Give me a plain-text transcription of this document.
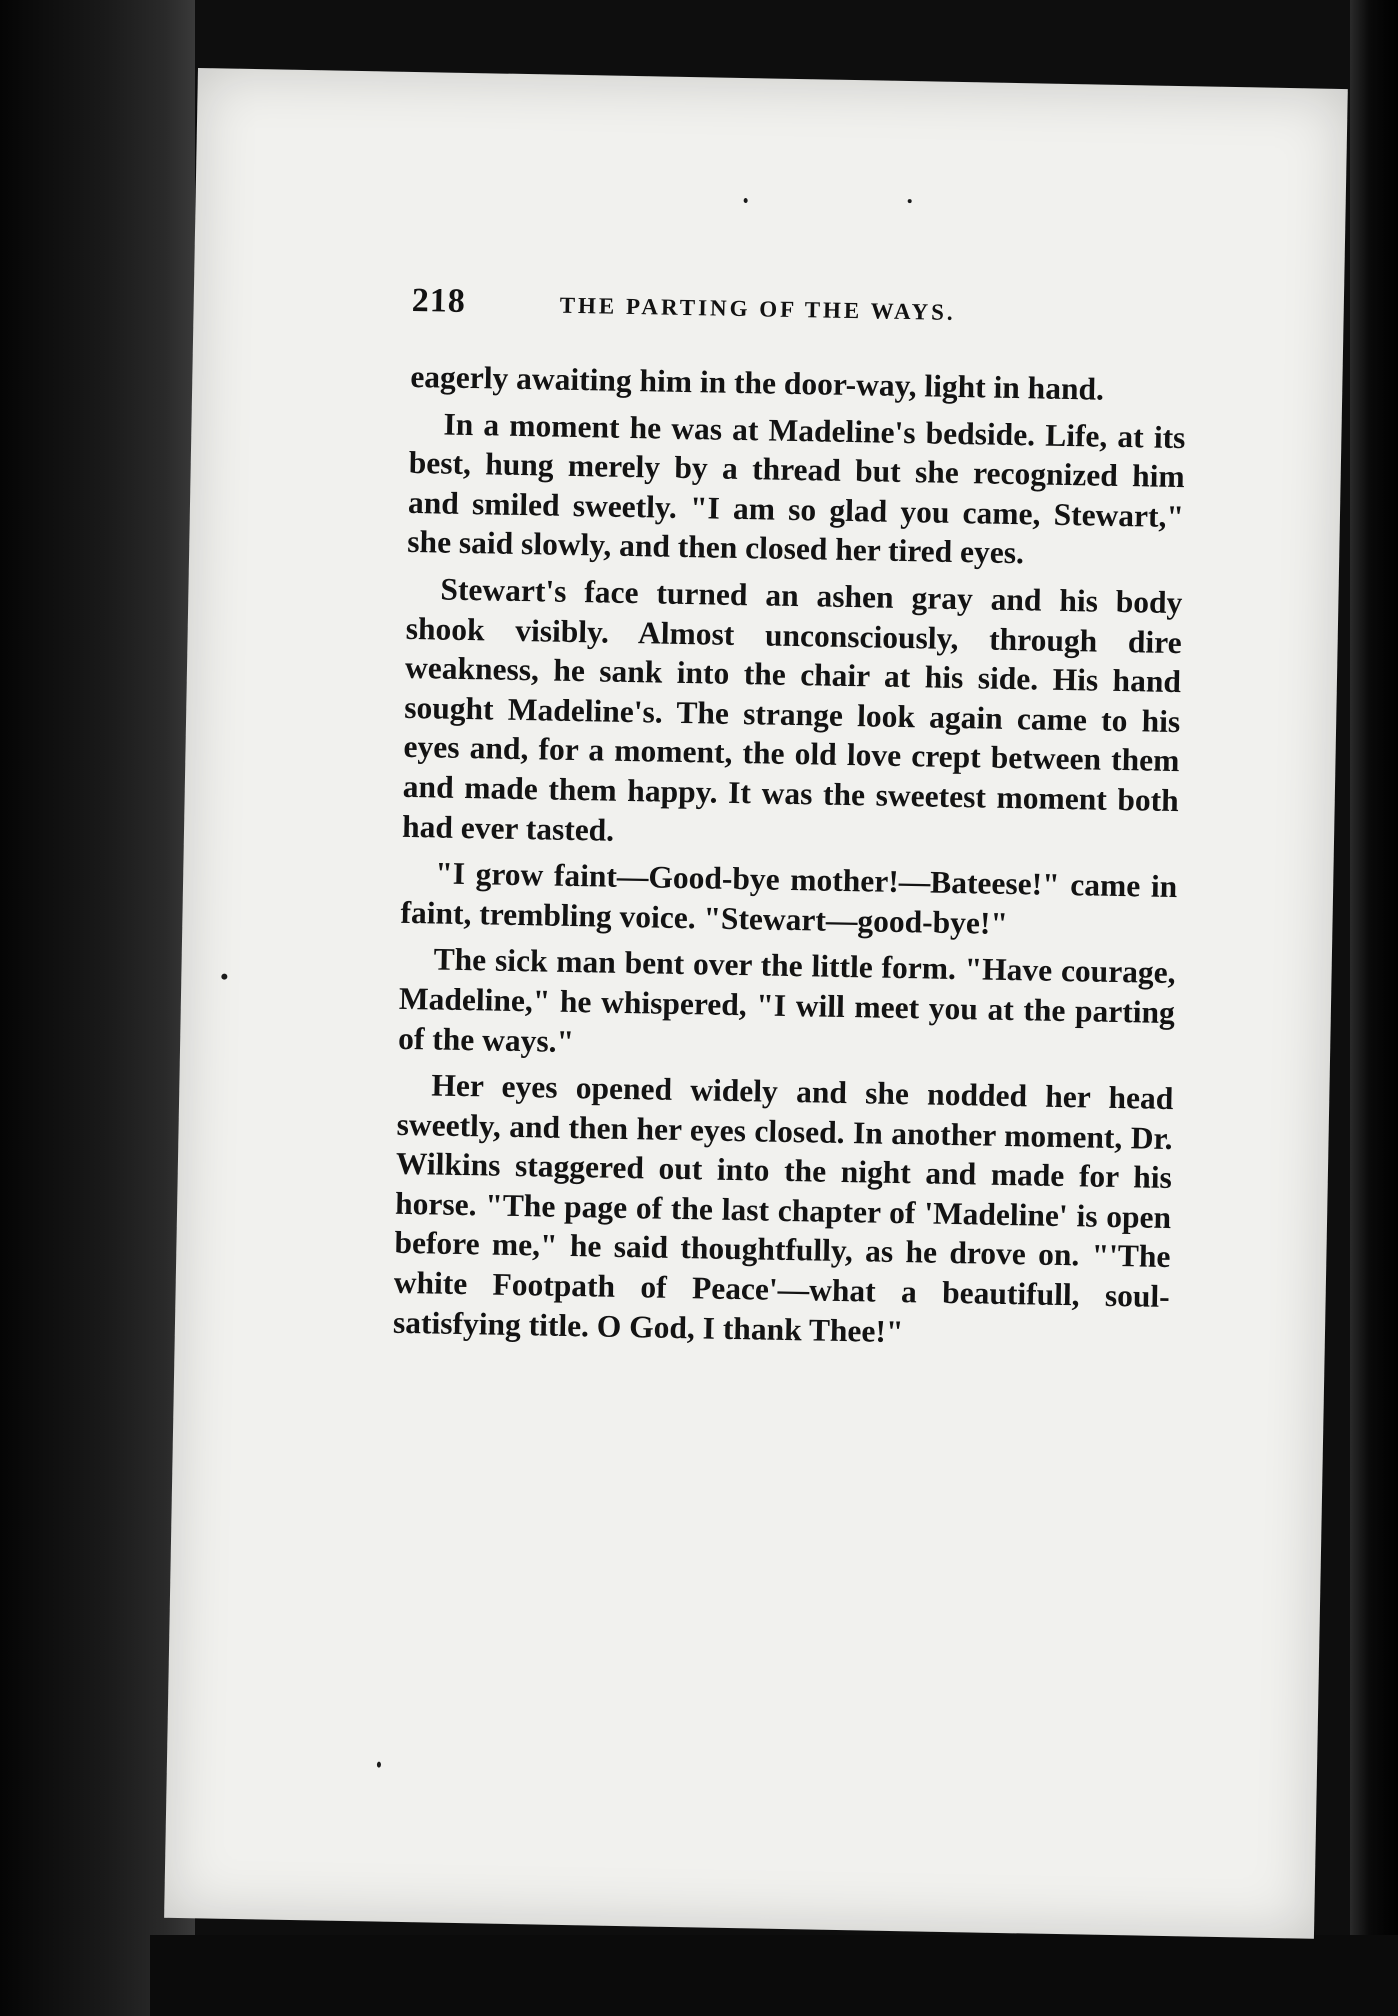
218	THE PARTING OF THE WAYS.

eagerly awaiting him in the door-way, light in hand.

In a moment he was at Madeline's bedside. Life, at its best, hung merely by a thread but she recognized him and smiled sweetly. "I am so glad you came, Stewart," she said slowly, and then closed her tired eyes.

Stewart's face turned an ashen gray and his body shook visibly. Almost unconsciously, through dire weakness, he sank into the chair at his side. His hand sought Madeline's. The strange look again came to his eyes and, for a moment, the old love crept between them and made them happy. It was the sweetest moment both had ever tasted.

"I grow faint—Good-bye mother!—Bateese!" came in faint, trembling voice. "Stewart—good-bye!"

The sick man bent over the little form. "Have courage, Madeline," he whispered, "I will meet you at the parting of the ways."

Her eyes opened widely and she nodded her head sweetly, and then her eyes closed. In another moment, Dr. Wilkins staggered out into the night and made for his horse. "The page of the last chapter of 'Madeline' is open before me," he said thoughtfully, as he drove on. "'The white Footpath of Peace'—what a beautifull, soul-satisfying title. O God, I thank Thee!"
